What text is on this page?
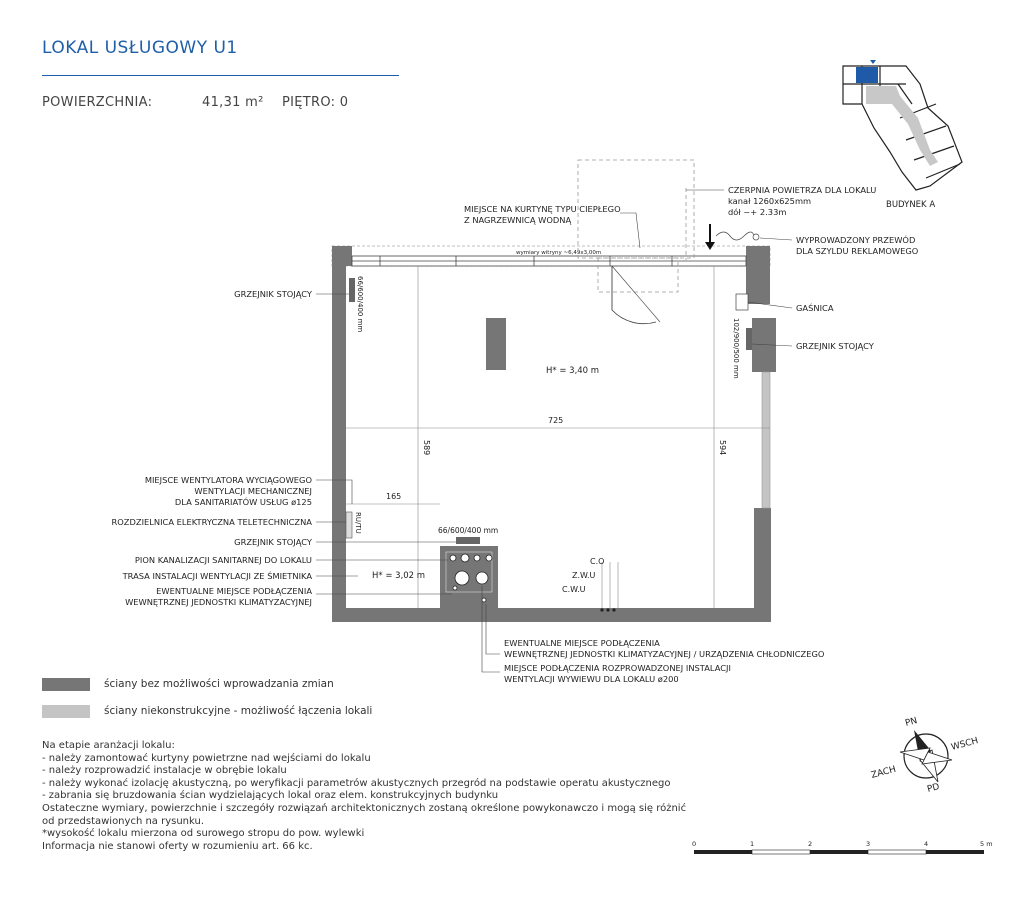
LOKAL USŁUGOWY U1
POWIERZCHNIA:	41,31 m² PIĘTRO: 0
BUDYNEK A
wymiary witryny ~6,49x3,00m
725
589	594
165
H* = 3,40 m
H* = 3,02 m
66/600/400 mm
102/900/500 mm
66/600/400 mm
RU/TU
C.O
Z.W.U
C.W.U
MIEJSCE NA KURTYNĘ TYPU CIEPŁEGO
Z NAGRZEWNICĄ WODNĄ
CZERPNIA POWIETRZA DLA LOKALU
kanał 1260x625mm
dół ~+ 2.33m
WYPROWADZONY PRZEWÓD
DLA SZYLDU REKLAMOWEGO
GRZEJNIK STOJĄCY
GAŚNICA
GRZEJNIK STOJĄCY
MIEJSCE WENTYLATORA WYCIĄGOWEGO
WENTYLACJI MECHANICZNEJ
DLA SANITARIATÓW USŁUG ø125
ROZDZIELNICA ELEKTRYCZNA TELETECHNICZNA
GRZEJNIK STOJĄCY
PION KANALIZACJI SANITARNEJ DO LOKALU
TRASA INSTALACJI WENTYLACJI ZE ŚMIETNIKA
EWENTUALNE MIEJSCE PODŁĄCZENIA
WEWNĘTRZNEJ JEDNOSTKI KLIMATYZACYJNEJ
EWENTUALNE MIEJSCE PODŁĄCZENIA
WEWNĘTRZNEJ JEDNOSTKI KLIMATYZACYJNEJ / URZĄDZENIA CHŁODNICZEGO
MIEJSCE PODŁĄCZENIA ROZPROWADZONEJ INSTALACJI
WENTYLACJI WYWIEWU DLA LOKALU ø200
PN
WSCH
PD
ZACH
0	1	2	3	4	5 m
ściany bez możliwości wprowadzania zmian
ściany niekonstrukcyjne - możliwość łączenia lokali
Na etapie aranżacji lokalu:
- należy zamontować kurtyny powietrzne nad wejściami do lokalu
- należy rozprowadzić instalacje w obrębie lokalu
- należy wykonać izolację akustyczną, po weryfikacji parametrów akustycznych przegród na podstawie operatu akustycznego
- zabrania się bruzdowania ścian wydzielających lokal oraz elem. konstrukcyjnych budynku
Ostateczne wymiary, powierzchnie i szczegóły rozwiązań architektonicznych zostaną określone powykonawczo i mogą się różnić
od przedstawionych na rysunku.
*wysokość lokalu mierzona od surowego stropu do pow. wylewki
Informacja nie stanowi oferty w rozumieniu art. 66 kc.
